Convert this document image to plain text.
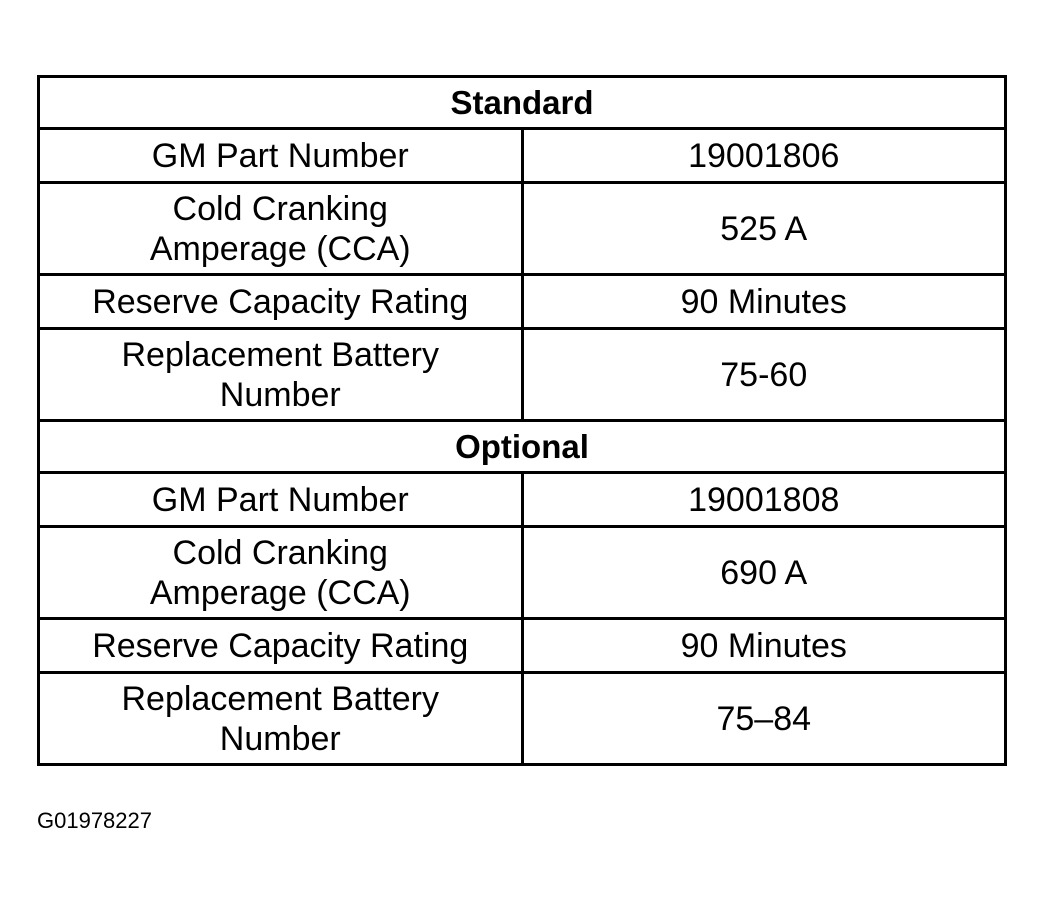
Standard	

GM Part Number	19001806

Cold Cranking
Amperage (CCA)	525 A

Reserve Capacity Rating	90 Minutes

Replacement Battery
Number	75-60
Optional	

GM Part Number	19001808

Cold Cranking
Amperage (CCA)	690 A

Reserve Capacity Rating	90 Minutes

Replacement Battery
Number	75–84
G01978227
